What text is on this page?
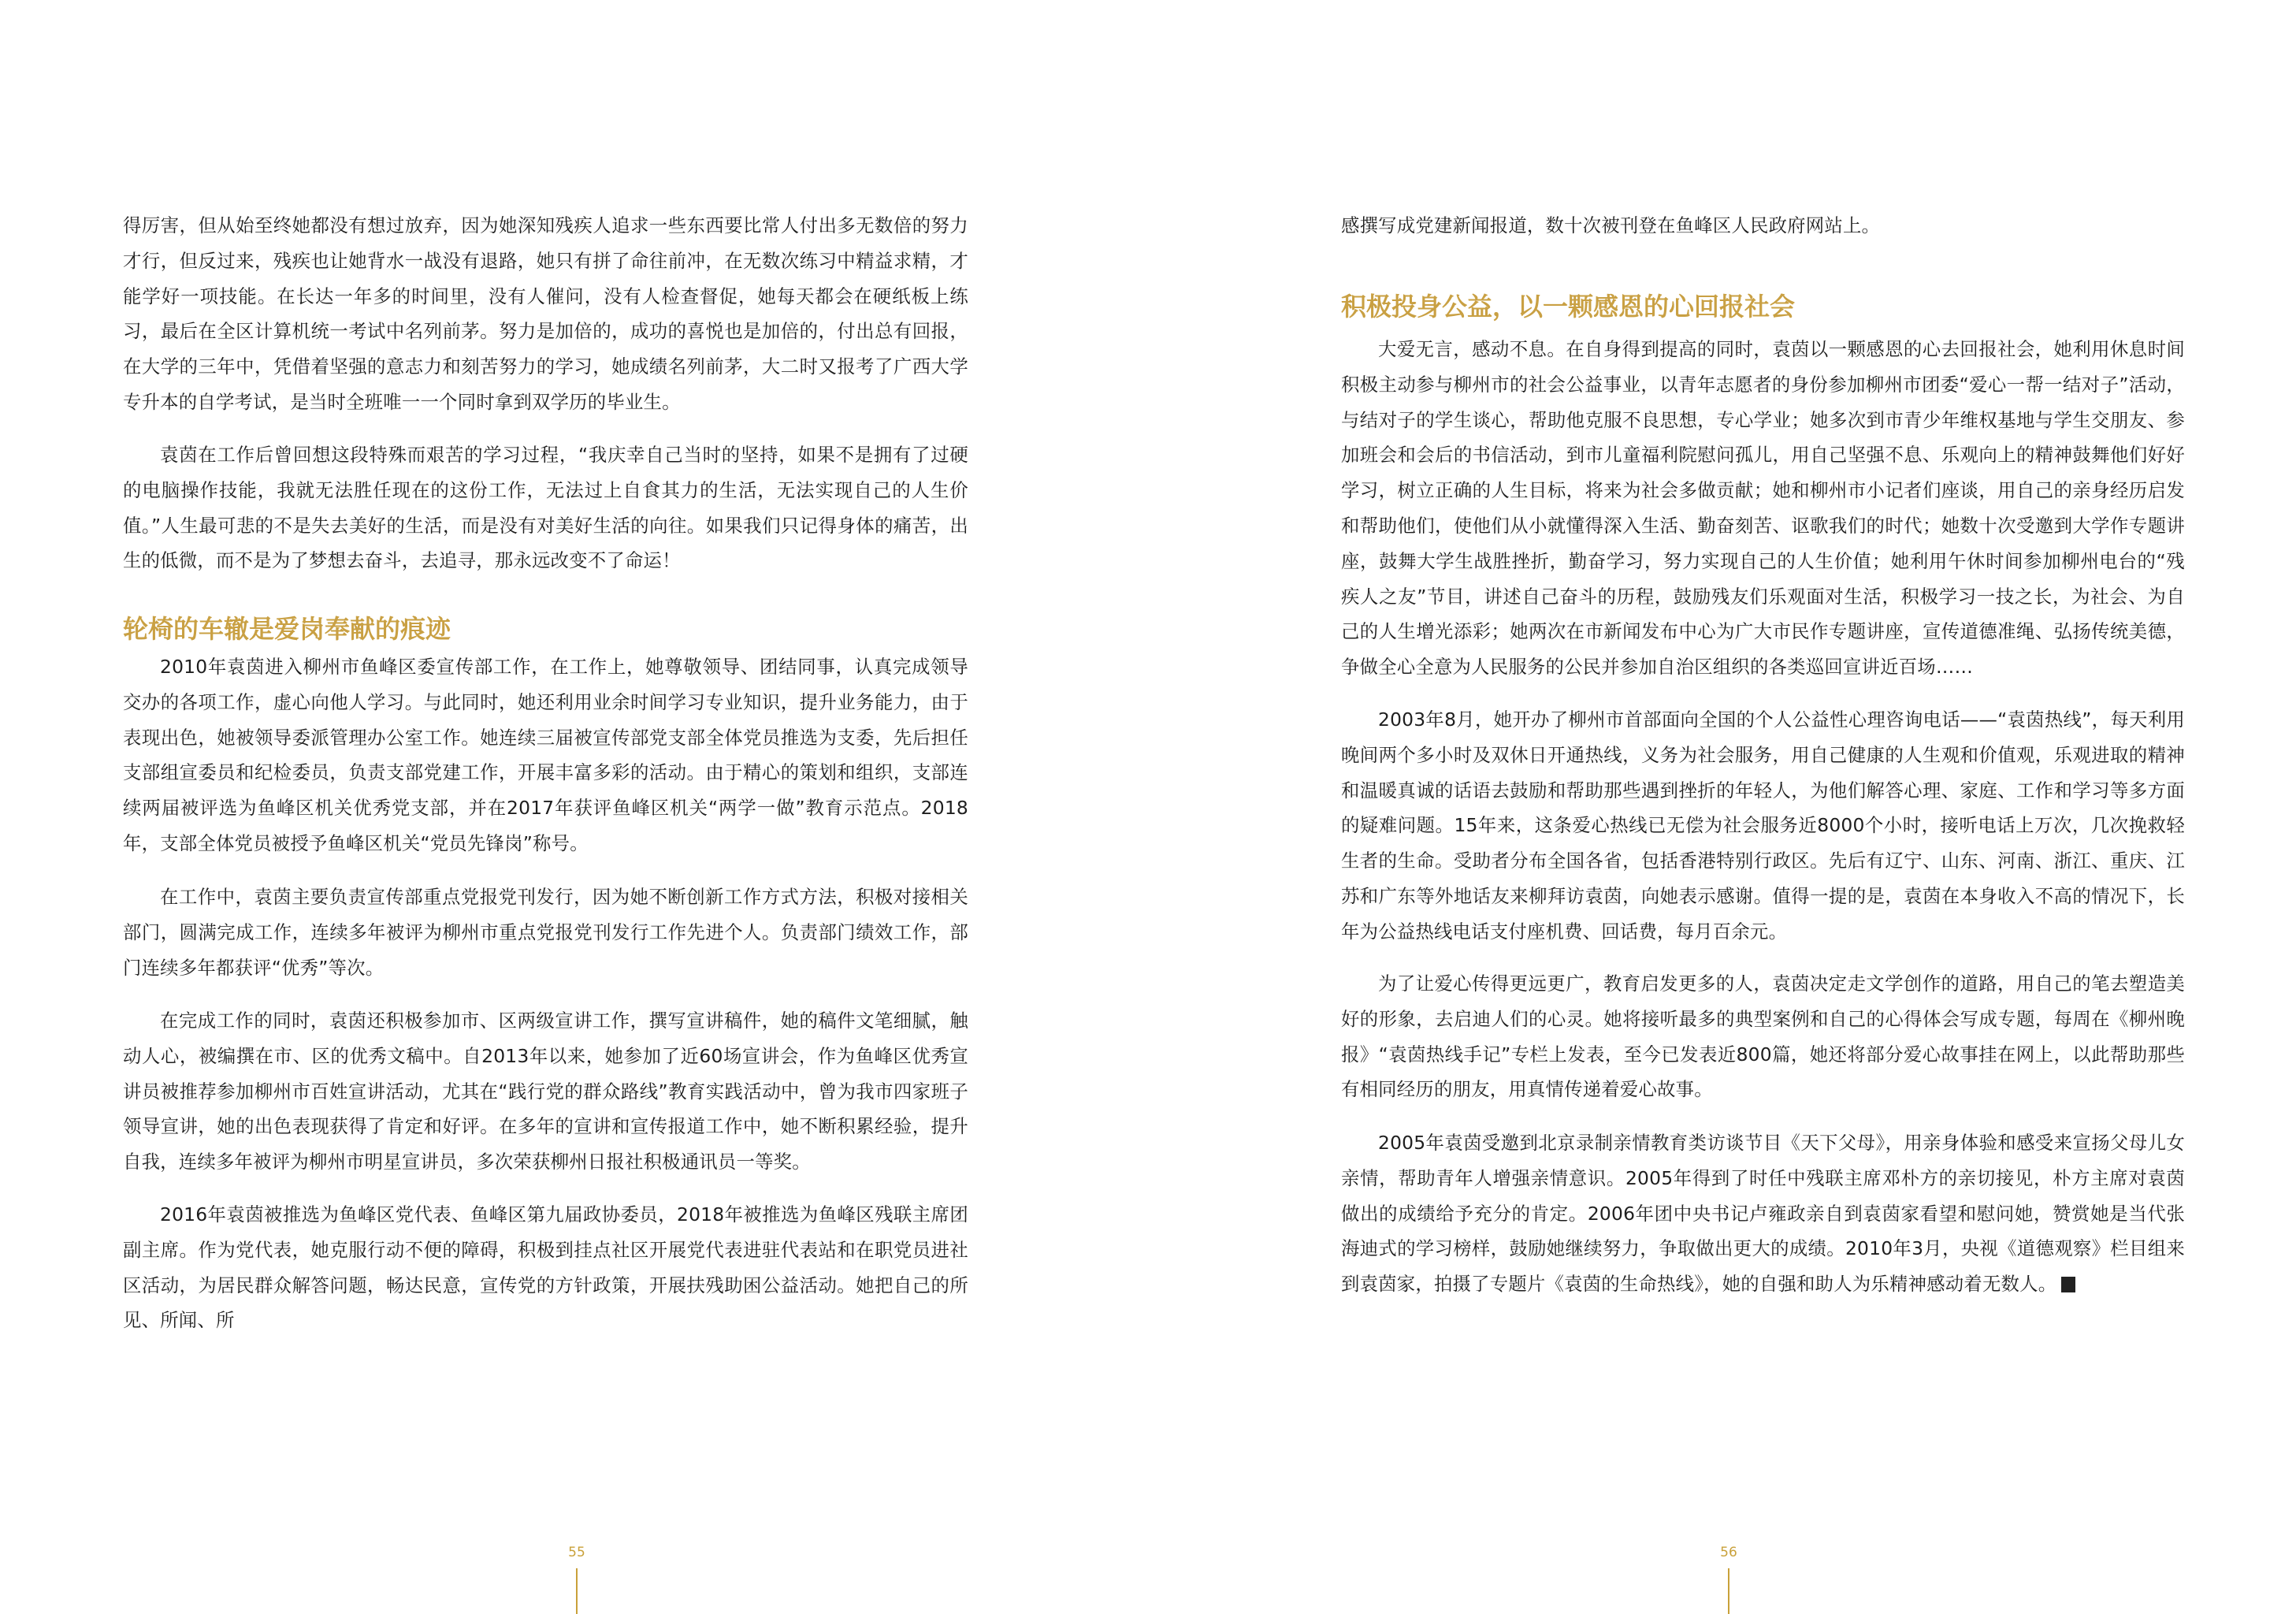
得厉害，但从始至终她都没有想过放弃，因为她深知残疾人追求一些东西要比常人付出多无数倍的努力才行，但反过来，残疾也让她背水一战没有退路，她只有拼了命往前冲，在无数次练习中精益求精，才能学好一项技能。在长达一年多的时间里，没有人催问，没有人检查督促，她每天都会在硬纸板上练习，最后在全区计算机统一考试中名列前茅。努力是加倍的，成功的喜悦也是加倍的，付出总有回报，在大学的三年中，凭借着坚强的意志力和刻苦努力的学习，她成绩名列前茅，大二时又报考了广西大学专升本的自学考试，是当时全班唯一一个同时拿到双学历的毕业生。

袁茵在工作后曾回想这段特殊而艰苦的学习过程，“我庆幸自己当时的坚持，如果不是拥有了过硬的电脑操作技能，我就无法胜任现在的这份工作，无法过上自食其力的生活，无法实现自己的人生价值。”人生最可悲的不是失去美好的生活，而是没有对美好生活的向往。如果我们只记得身体的痛苦，出生的低微，而不是为了梦想去奋斗，去追寻，那永远改变不了命运！

轮椅的车辙是爱岗奉献的痕迹

2010年袁茵进入柳州市鱼峰区委宣传部工作，在工作上，她尊敬领导、团结同事，认真完成领导交办的各项工作，虚心向他人学习。与此同时，她还利用业余时间学习专业知识，提升业务能力，由于表现出色，她被领导委派管理办公室工作。她连续三届被宣传部党支部全体党员推选为支委，先后担任支部组宣委员和纪检委员，负责支部党建工作，开展丰富多彩的活动。由于精心的策划和组织，支部连续两届被评选为鱼峰区机关优秀党支部，并在2017年获评鱼峰区机关“两学一做”教育示范点。2018年，支部全体党员被授予鱼峰区机关“党员先锋岗”称号。

在工作中，袁茵主要负责宣传部重点党报党刊发行，因为她不断创新工作方式方法，积极对接相关部门，圆满完成工作，连续多年被评为柳州市重点党报党刊发行工作先进个人。负责部门绩效工作，部门连续多年都获评“优秀”等次。

在完成工作的同时，袁茵还积极参加市、区两级宣讲工作，撰写宣讲稿件，她的稿件文笔细腻，触动人心，被编撰在市、区的优秀文稿中。自2013年以来，她参加了近60场宣讲会，作为鱼峰区优秀宣讲员被推荐参加柳州市百姓宣讲活动，尤其在“践行党的群众路线”教育实践活动中，曾为我市四家班子领导宣讲，她的出色表现获得了肯定和好评。在多年的宣讲和宣传报道工作中，她不断积累经验，提升自我，连续多年被评为柳州市明星宣讲员，多次荣获柳州日报社积极通讯员一等奖。

2016年袁茵被推选为鱼峰区党代表、鱼峰区第九届政协委员，2018年被推选为鱼峰区残联主席团副主席。作为党代表，她克服行动不便的障碍，积极到挂点社区开展党代表进驻代表站和在职党员进社区活动，为居民群众解答问题，畅达民意，宣传党的方针政策，开展扶残助困公益活动。她把自己的所见、所闻、所

感撰写成党建新闻报道，数十次被刊登在鱼峰区人民政府网站上。

积极投身公益，以一颗感恩的心回报社会

大爱无言，感动不息。在自身得到提高的同时，袁茵以一颗感恩的心去回报社会，她利用休息时间积极主动参与柳州市的社会公益事业，以青年志愿者的身份参加柳州市团委“爱心一帮一结对子”活动，与结对子的学生谈心，帮助他克服不良思想，专心学业；她多次到市青少年维权基地与学生交朋友、参加班会和会后的书信活动，到市儿童福利院慰问孤儿，用自己坚强不息、乐观向上的精神鼓舞他们好好学习，树立正确的人生目标，将来为社会多做贡献；她和柳州市小记者们座谈，用自己的亲身经历启发和帮助他们，使他们从小就懂得深入生活、勤奋刻苦、讴歌我们的时代；她数十次受邀到大学作专题讲座，鼓舞大学生战胜挫折，勤奋学习，努力实现自己的人生价值；她利用午休时间参加柳州电台的“残疾人之友”节目，讲述自己奋斗的历程，鼓励残友们乐观面对生活，积极学习一技之长，为社会、为自己的人生增光添彩；她两次在市新闻发布中心为广大市民作专题讲座，宣传道德准绳、弘扬传统美德，争做全心全意为人民服务的公民并参加自治区组织的各类巡回宣讲近百场……

2003年8月，她开办了柳州市首部面向全国的个人公益性心理咨询电话——“袁茵热线”，每天利用晚间两个多小时及双休日开通热线，义务为社会服务，用自己健康的人生观和价值观，乐观进取的精神和温暖真诚的话语去鼓励和帮助那些遇到挫折的年轻人，为他们解答心理、家庭、工作和学习等多方面的疑难问题。15年来，这条爱心热线已无偿为社会服务近8000个小时，接听电话上万次，几次挽救轻生者的生命。受助者分布全国各省，包括香港特别行政区。先后有辽宁、山东、河南、浙江、重庆、江苏和广东等外地话友来柳拜访袁茵，向她表示感谢。值得一提的是，袁茵在本身收入不高的情况下，长年为公益热线电话支付座机费、回话费，每月百余元。

为了让爱心传得更远更广，教育启发更多的人，袁茵决定走文学创作的道路，用自己的笔去塑造美好的形象，去启迪人们的心灵。她将接听最多的典型案例和自己的心得体会写成专题，每周在《柳州晚报》“袁茵热线手记”专栏上发表，至今已发表近800篇，她还将部分爱心故事挂在网上，以此帮助那些有相同经历的朋友，用真情传递着爱心故事。

2005年袁茵受邀到北京录制亲情教育类访谈节目《天下父母》，用亲身体验和感受来宣扬父母儿女亲情，帮助青年人增强亲情意识。2005年得到了时任中残联主席邓朴方的亲切接见，朴方主席对袁茵做出的成绩给予充分的肯定。2006年团中央书记卢雍政亲自到袁茵家看望和慰问她，赞赏她是当代张海迪式的学习榜样，鼓励她继续努力，争取做出更大的成绩。2010年3月，央视《道德观察》栏目组来到袁茵家，拍摄了专题片《袁茵的生命热线》，她的自强和助人为乐精神感动着无数人。

55	56
